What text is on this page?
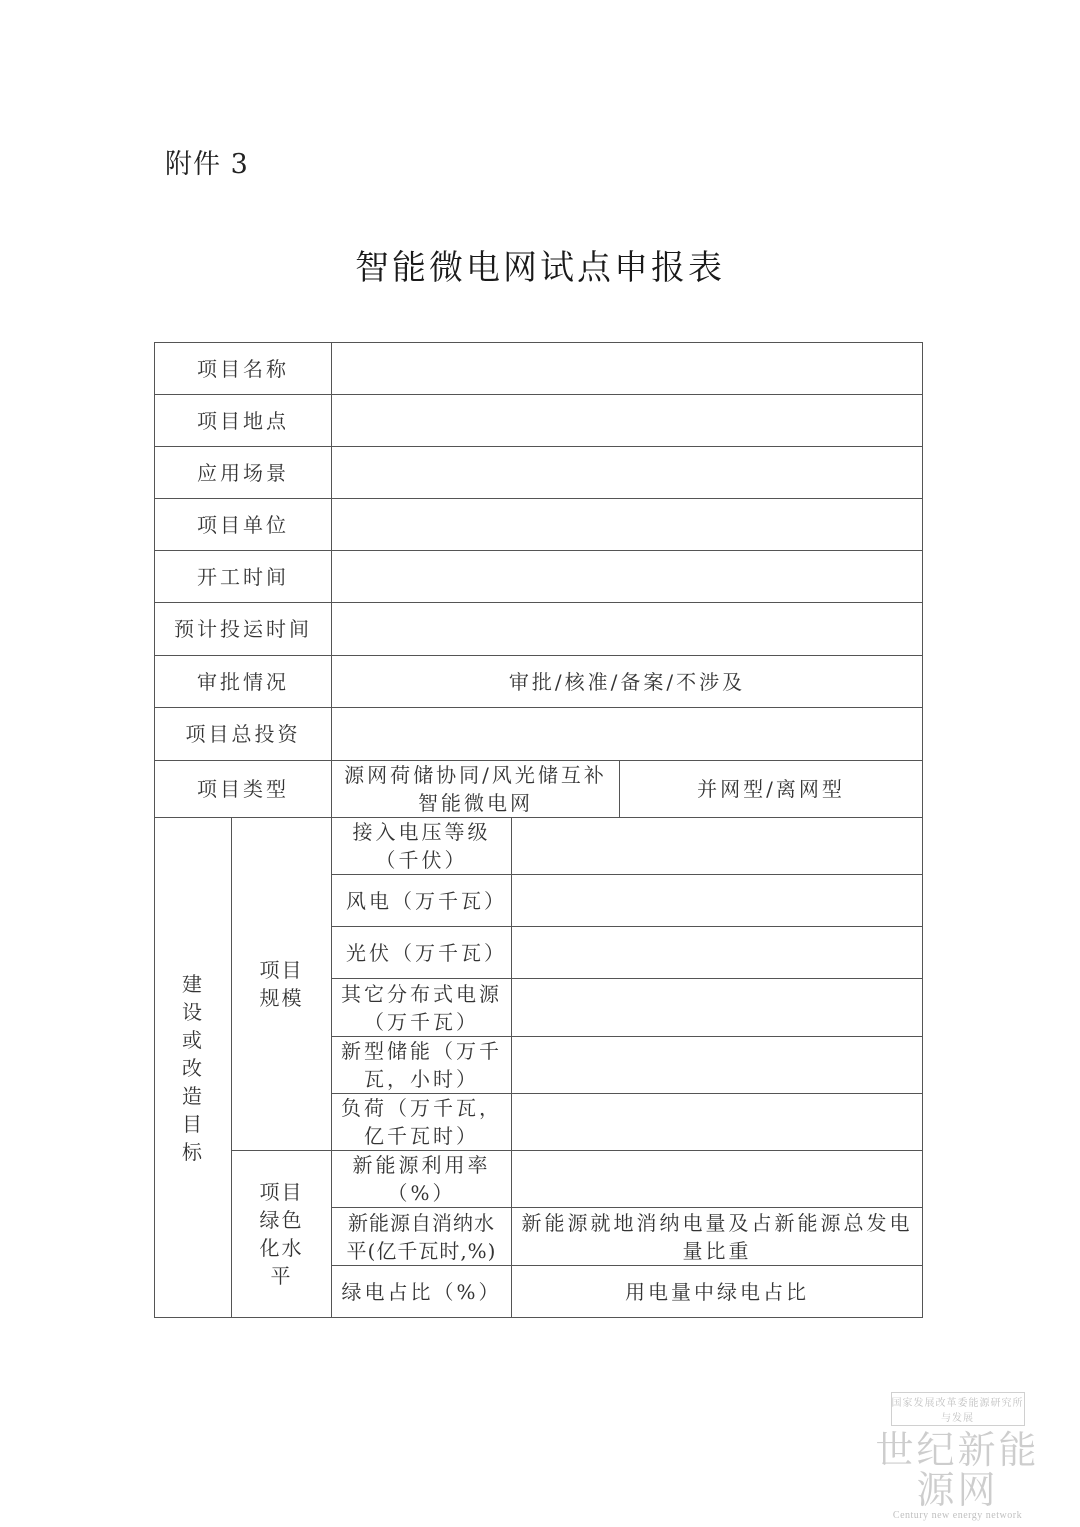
附件 3
智能微电网试点申报表
项目名称				
项目地点				
应用场景				
项目单位				
开工时间				
预计投运时间				
审批情况		审批/核准/备案/不涉及		
项目总投资				
项目类型		源网荷储协同/风光储互补智能微电网		并网型/离网型
建设或改造目标	项目规模	接入电压等级（千伏）		
		风电（万千瓦）		
		光伏（万千瓦）		
		其它分布式电源（万千瓦）		
		新型储能（万千瓦，小时）		
		负荷（万千瓦，亿千瓦时）		
	项目绿色化水平	新能源利用率（%）		
		新能源自消纳水平(亿千瓦时,%)	新能源就地消纳电量及占新能源总发电量比重	
		绿电占比（%）	用电量中绿电占比	
国家发展改革委能源研究所与发展
世纪新能源网
Century new energy network
